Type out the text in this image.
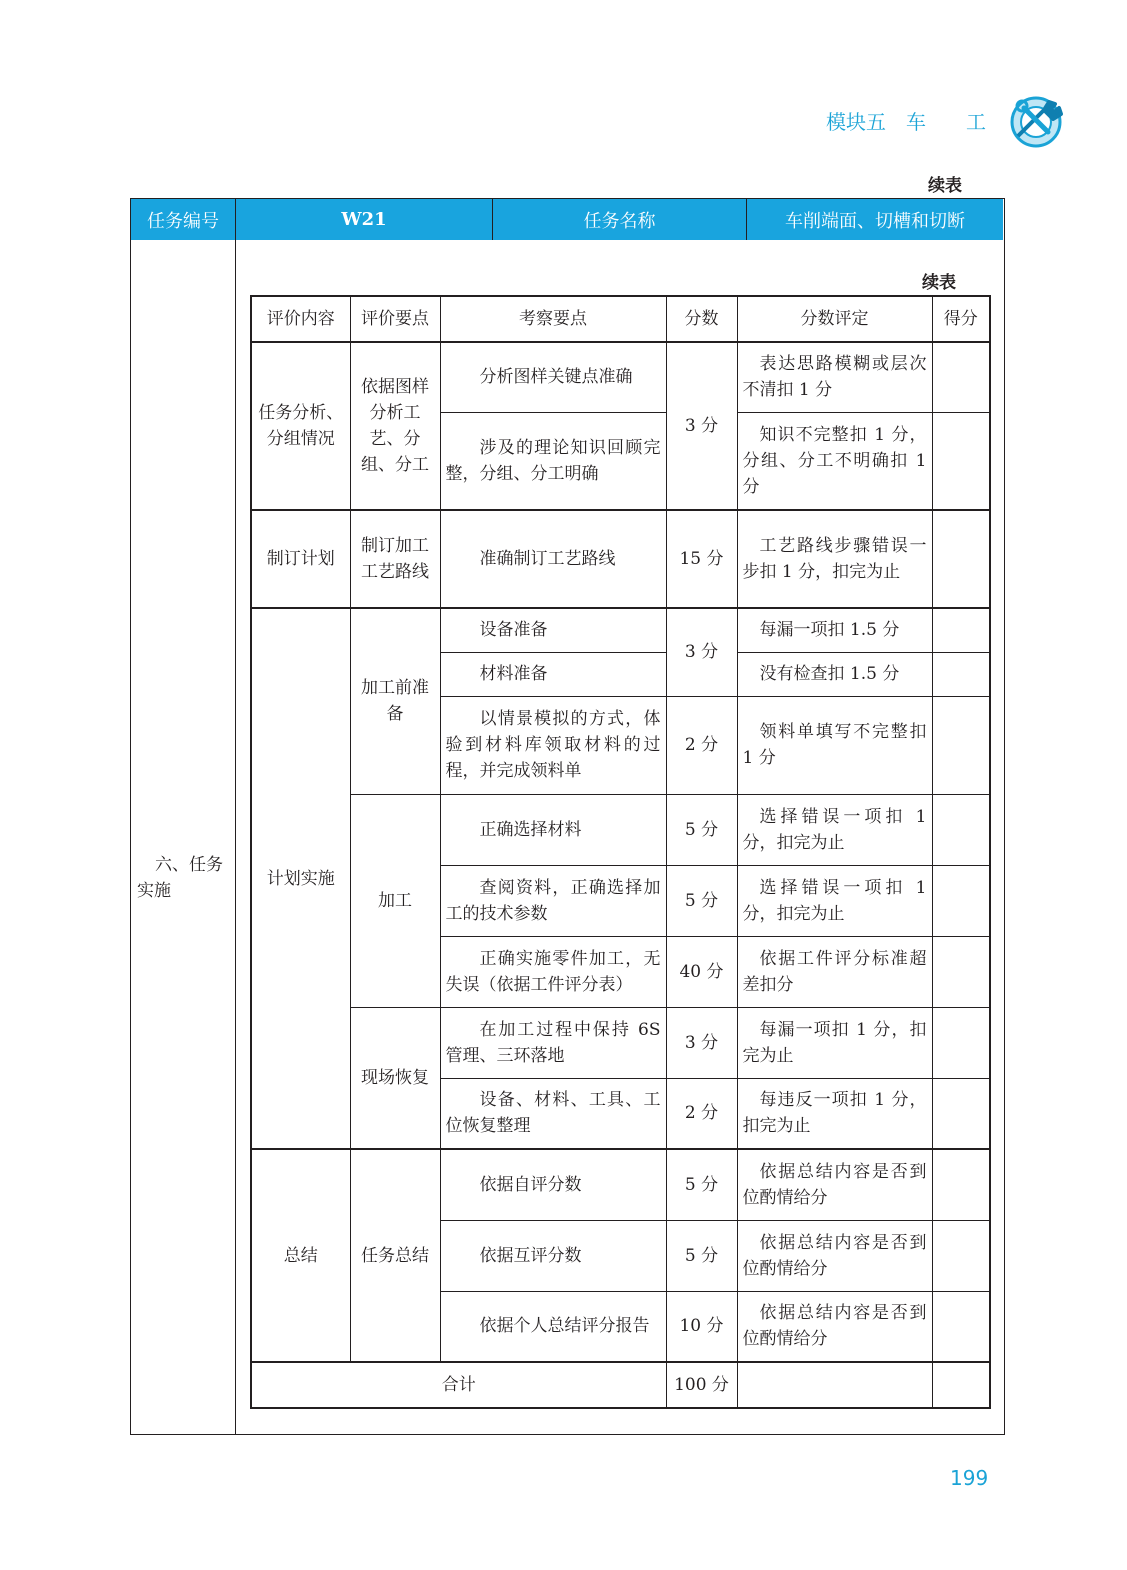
模块五　车　　工
续表
任务编号	W21	任务名称	车削端面、切槽和切断
六、任务实施
续表
评价内容	评价要点	考察要点	分数	分数评定	得分
任务分析、分组情况	依据图样分析工艺、分组、分工	分析图样关键点准确	3 分	表达思路模糊或层次不清扣 1 分	

		涉及的理论知识回顾完整，分组、分工明确		知识不完整扣 1 分，分组、分工不明确扣 1 分	

制订计划	制订加工工艺路线	准确制订工艺路线	15 分	工艺路线步骤错误一步扣 1 分，扣完为止	

计划实施	加工前准备	设备准备	3 分	每漏一项扣 1.5 分	

		材料准备		没有检查扣 1.5 分	

		以情景模拟的方式，体验到材料库领取材料的过程，并完成领料单	2 分	领料单填写不完整扣 1 分	

	加工	正确选择材料	5 分	选择错误一项扣 1 分，扣完为止	

		查阅资料，正确选择加工的技术参数	5 分	选择错误一项扣 1 分，扣完为止	

		正确实施零件加工，无失误（依据工件评分表）	40 分	依据工件评分标准超差扣分	

	现场恢复	在加工过程中保持 6S 管理、三环落地	3 分	每漏一项扣 1 分，扣完为止	

		设备、材料、工具、工位恢复整理	2 分	每违反一项扣 1 分，扣完为止	

总结	任务总结	依据自评分数	5 分	依据总结内容是否到位酌情给分	

		依据互评分数	5 分	依据总结内容是否到位酌情给分	

		依据个人总结评分报告	10 分	依据总结内容是否到位酌情给分	

合计			100 分		
199
